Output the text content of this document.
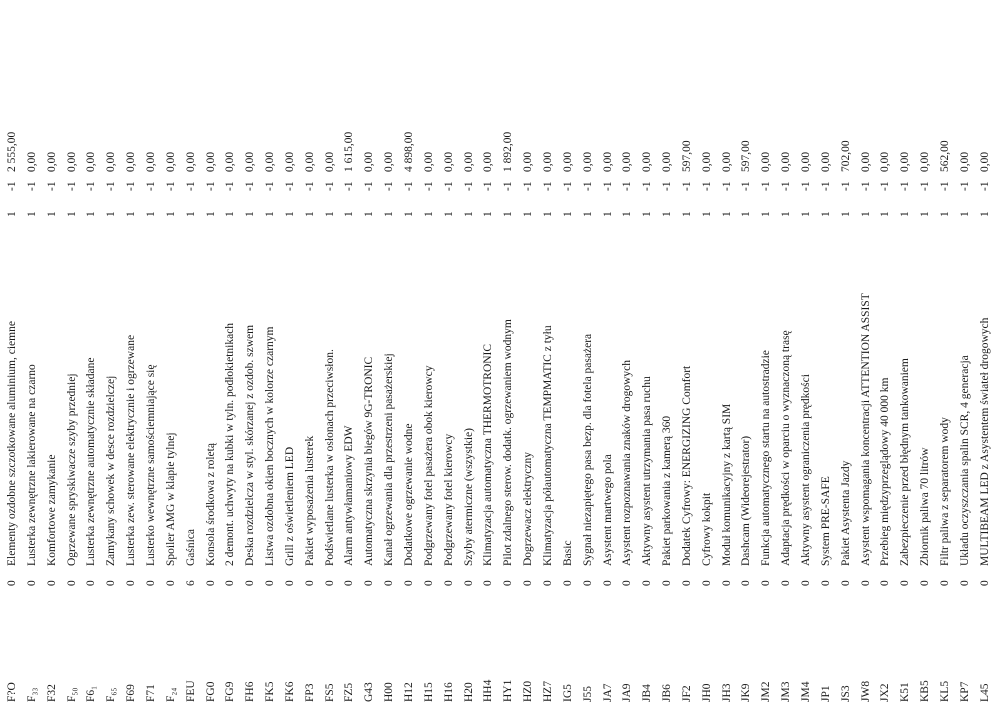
F?O
0
Elementy ozdobne szczotkowane aluminium, ciemne
1
-1
2 555,00
F₃₃
0
Lusterka zewnętrzne lakierowane na czarno
1
-1
0,00
F32
0
Komfortowe zamykanie
1
-1
0,00
F₅₀
0
Ogrzewane spryskiwacze szyby przedniej
1
-1
0,00
F6₁
0
Lusterka zewnętrzne automatycznie składane
1
-1
0,00
F₆₅
0
Zamykany schowek w desce rozdzielczej
1
-1
0,00
F69
0
Lusterka zew. sterowane elektrycznie i ogrzewane
1
-1
0,00
F71
0
Lusterko wewnętrzne samościemniające się
1
-1
0,00
F₂₄
0
Spoiler AMG w klapie tylnej
1
-1
0,00
FEU
6
Gaśnica
1
-1
0,00
FG0
0
Konsola środkowa z roletą
1
-1
0,00
FG9
0
2 demont. uchwyty na kubki w tyln. podłokietnikach
1
-1
0,00
FH6
0
Deska rozdzielcza w styl. skórzanej z ozdob. szwem
1
-1
0,00
FK5
0
Listwa ozdobna okien bocznych w kolorze czarnym
1
-1
0,00
FK6
0
Grill z oświetleniem LED
1
-1
0,00
FP3
0
Pakiet wyposażenia lusterek
1
-1
0,00
FS5
0
Podświetlane lusterka w osłonach przeciwsłon.
1
-1
0,00
FZ5
0
Alarm antywłamaniowy EDW
1
-1
1 615,00
G43
0
Automatyczna skrzynia biegów 9G-TRONIC
1
-1
0,00
H00
0
Kanał ogrzewania dla przestrzeni pasażerskiej
1
-1
0,00
H12
0
Dodatkowe ogrzewanie wodne
1
-1
4 898,00
H15
0
Podgrzewany fotel pasażera obok kierowcy
1
-1
0,00
H16
0
Podgrzewany fotel kierowcy
1
-1
0,00
H20
0
Szyby atermiczne (wszystkie)
1
-1
0,00
HH4
0
Klimatyzacja automatyczna THERMOTRONIC
1
-1
0,00
HY1
0
Pilot zdalnego sterow. dodatk. ogrzewaniem wodnym
1
-1
1 892,00
HZ0
0
Dogrzewacz elektryczny
1
-1
0,00
HZ7
0
Klimatyzacja półautomatyczna TEMPMATIC z tyłu
1
-1
0,00
IG5
0
Basic
1
-1
0,00
J55
0
Sygnał niezapiętego pasa bezp. dla fotela pasażera
1
-1
0,00
JA7
0
Asystent martwego pola
1
-1
0,00
JA9
0
Asystent rozpoznawania znaków drogowych
1
-1
0,00
JB4
0
Aktywny asystent utrzymania pasa ruchu
1
-1
0,00
JB6
0
Pakiet parkowania z kamerą 360
1
-1
0,00
JF2
0
Dodatek Cyfrowy: ENERGIZING Comfort
1
-1
597,00
JH0
0
Cyfrowy kokpit
1
-1
0,00
JH3
0
Moduł komunikacyjny z kartą SIM
1
-1
0,00
JK9
0
Dashcam (Wideorejestrator)
1
-1
597,00
JM2
0
Funkcja automatycznego startu na autostradzie
1
-1
0,00
JM3
0
Adaptacja prędkości w oparciu o wyznaczoną trasę
1
-1
0,00
JM4
0
Aktywny asystent ograniczenia prędkości
1
-1
0,00
JP1
0
System PRE-SAFE
1
-1
0,00
JS3
0
Pakiet Asystenta Jazdy
1
-1
702,00
JW8
0
Asystent wspomagania koncentracji ATTENTION ASSIST
1
-1
0,00
JX2
0
Przebieg międzyprzeglądowy 40 000 km
1
-1
0,00
K51
0
Zabezpieczenie przed błędnym tankowaniem
1
-1
0,00
KB5
0
Zbiornik paliwa 70 litrów
1
-1
0,00
KL5
0
Filtr paliwa z separatorem wody
1
-1
562,00
KP7
0
Układu oczyszczania spalin SCR, 4 generacja
1
-1
0,00
L45
0
MULTIBEAM LED z Asystentem świateł drogowych
1
-1
0,00
